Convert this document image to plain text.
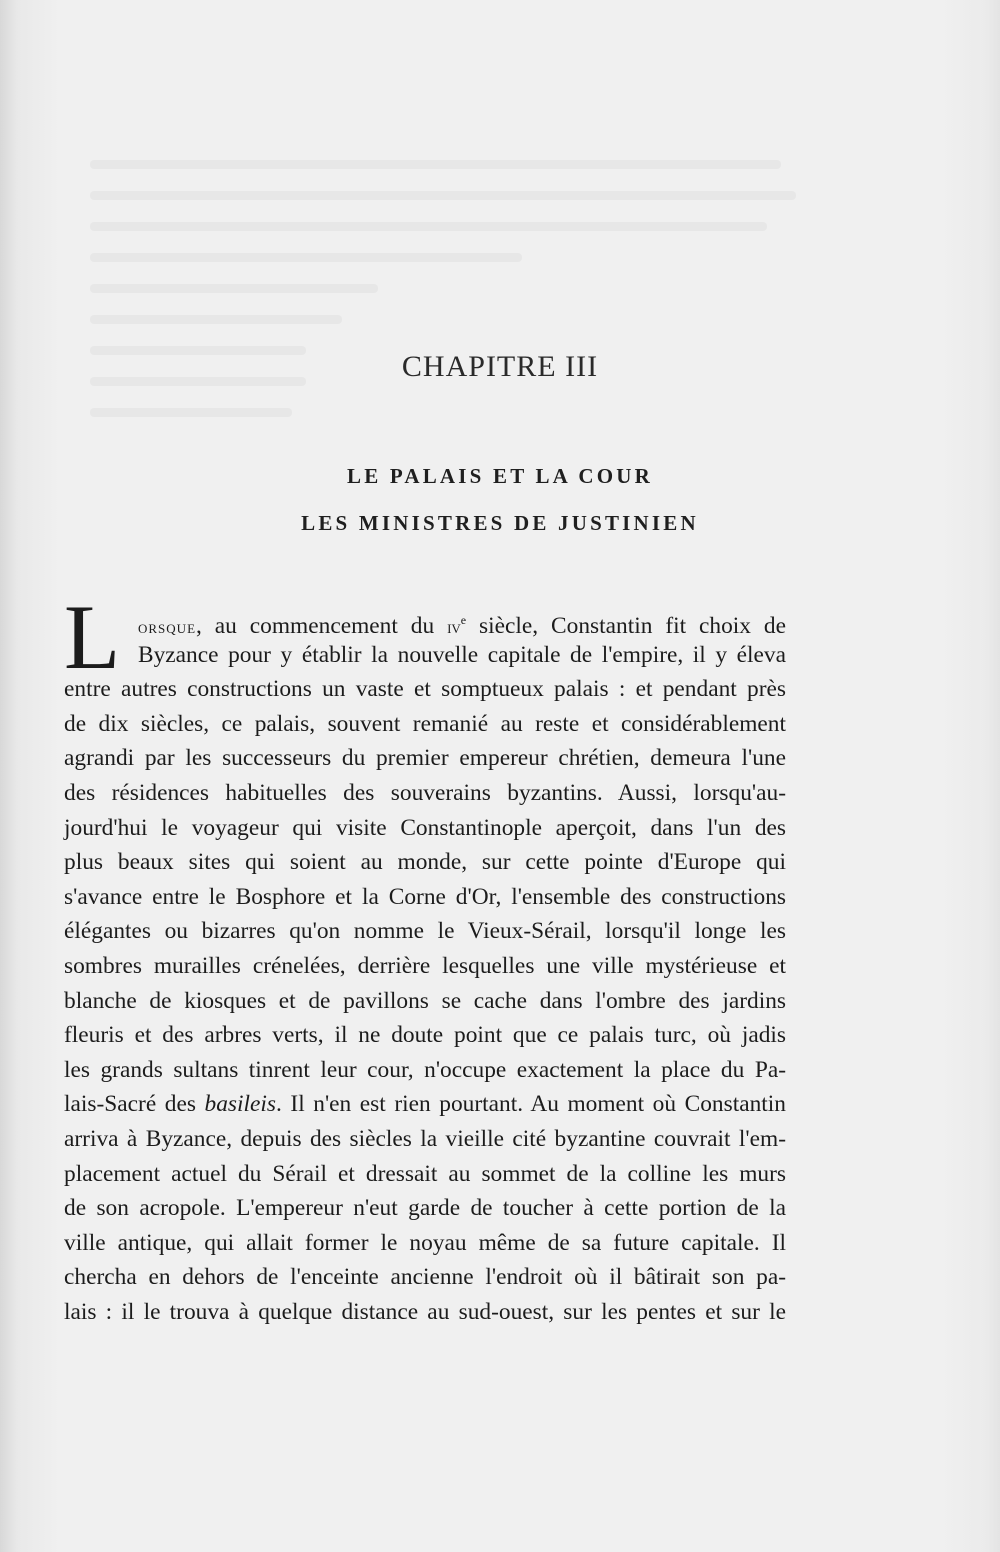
CHAPITRE III
LE PALAIS ET LA COUR
LES MINISTRES DE JUSTINIEN
L orsque, au commencement du $iv^e$ siècle, Constantin fit choix de
Byzance pour y établir la nouvelle capitale de l'empire, il y éleva
entre autres constructions un vaste et somptueux palais : et pendant près
de dix siècles, ce palais, souvent remanié au reste et considérablement
agrandi par les successeurs du premier empereur chrétien, demeura l'une
des résidences habituelles des souverains byzantins. Aussi, lorsqu'au-
jourd'hui le voyageur qui visite Constantinople aperçoit, dans l'un des
plus beaux sites qui soient au monde, sur cette pointe d'Europe qui
s'avance entre le Bosphore et la Corne d'Or, l'ensemble des constructions
élégantes ou bizarres qu'on nomme le Vieux-Sérail, lorsqu'il longe les
sombres murailles crénelées, derrière lesquelles une ville mystérieuse et
blanche de kiosques et de pavillons se cache dans l'ombre des jardins
fleuris et des arbres verts, il ne doute point que ce palais turc, où jadis
les grands sultans tinrent leur cour, n'occupe exactement la place du Pa-
lais-Sacré des basileis. Il n'en est rien pourtant. Au moment où Constantin
arriva à Byzance, depuis des siècles la vieille cité byzantine couvrait l'em-
placement actuel du Sérail et dressait au sommet de la colline les murs
de son acropole. L'empereur n'eut garde de toucher à cette portion de la
ville antique, qui allait former le noyau même de sa future capitale. Il
chercha en dehors de l'enceinte ancienne l'endroit où il bâtirait son pa-
lais : il le trouva à quelque distance au sud-ouest, sur les pentes et sur le
